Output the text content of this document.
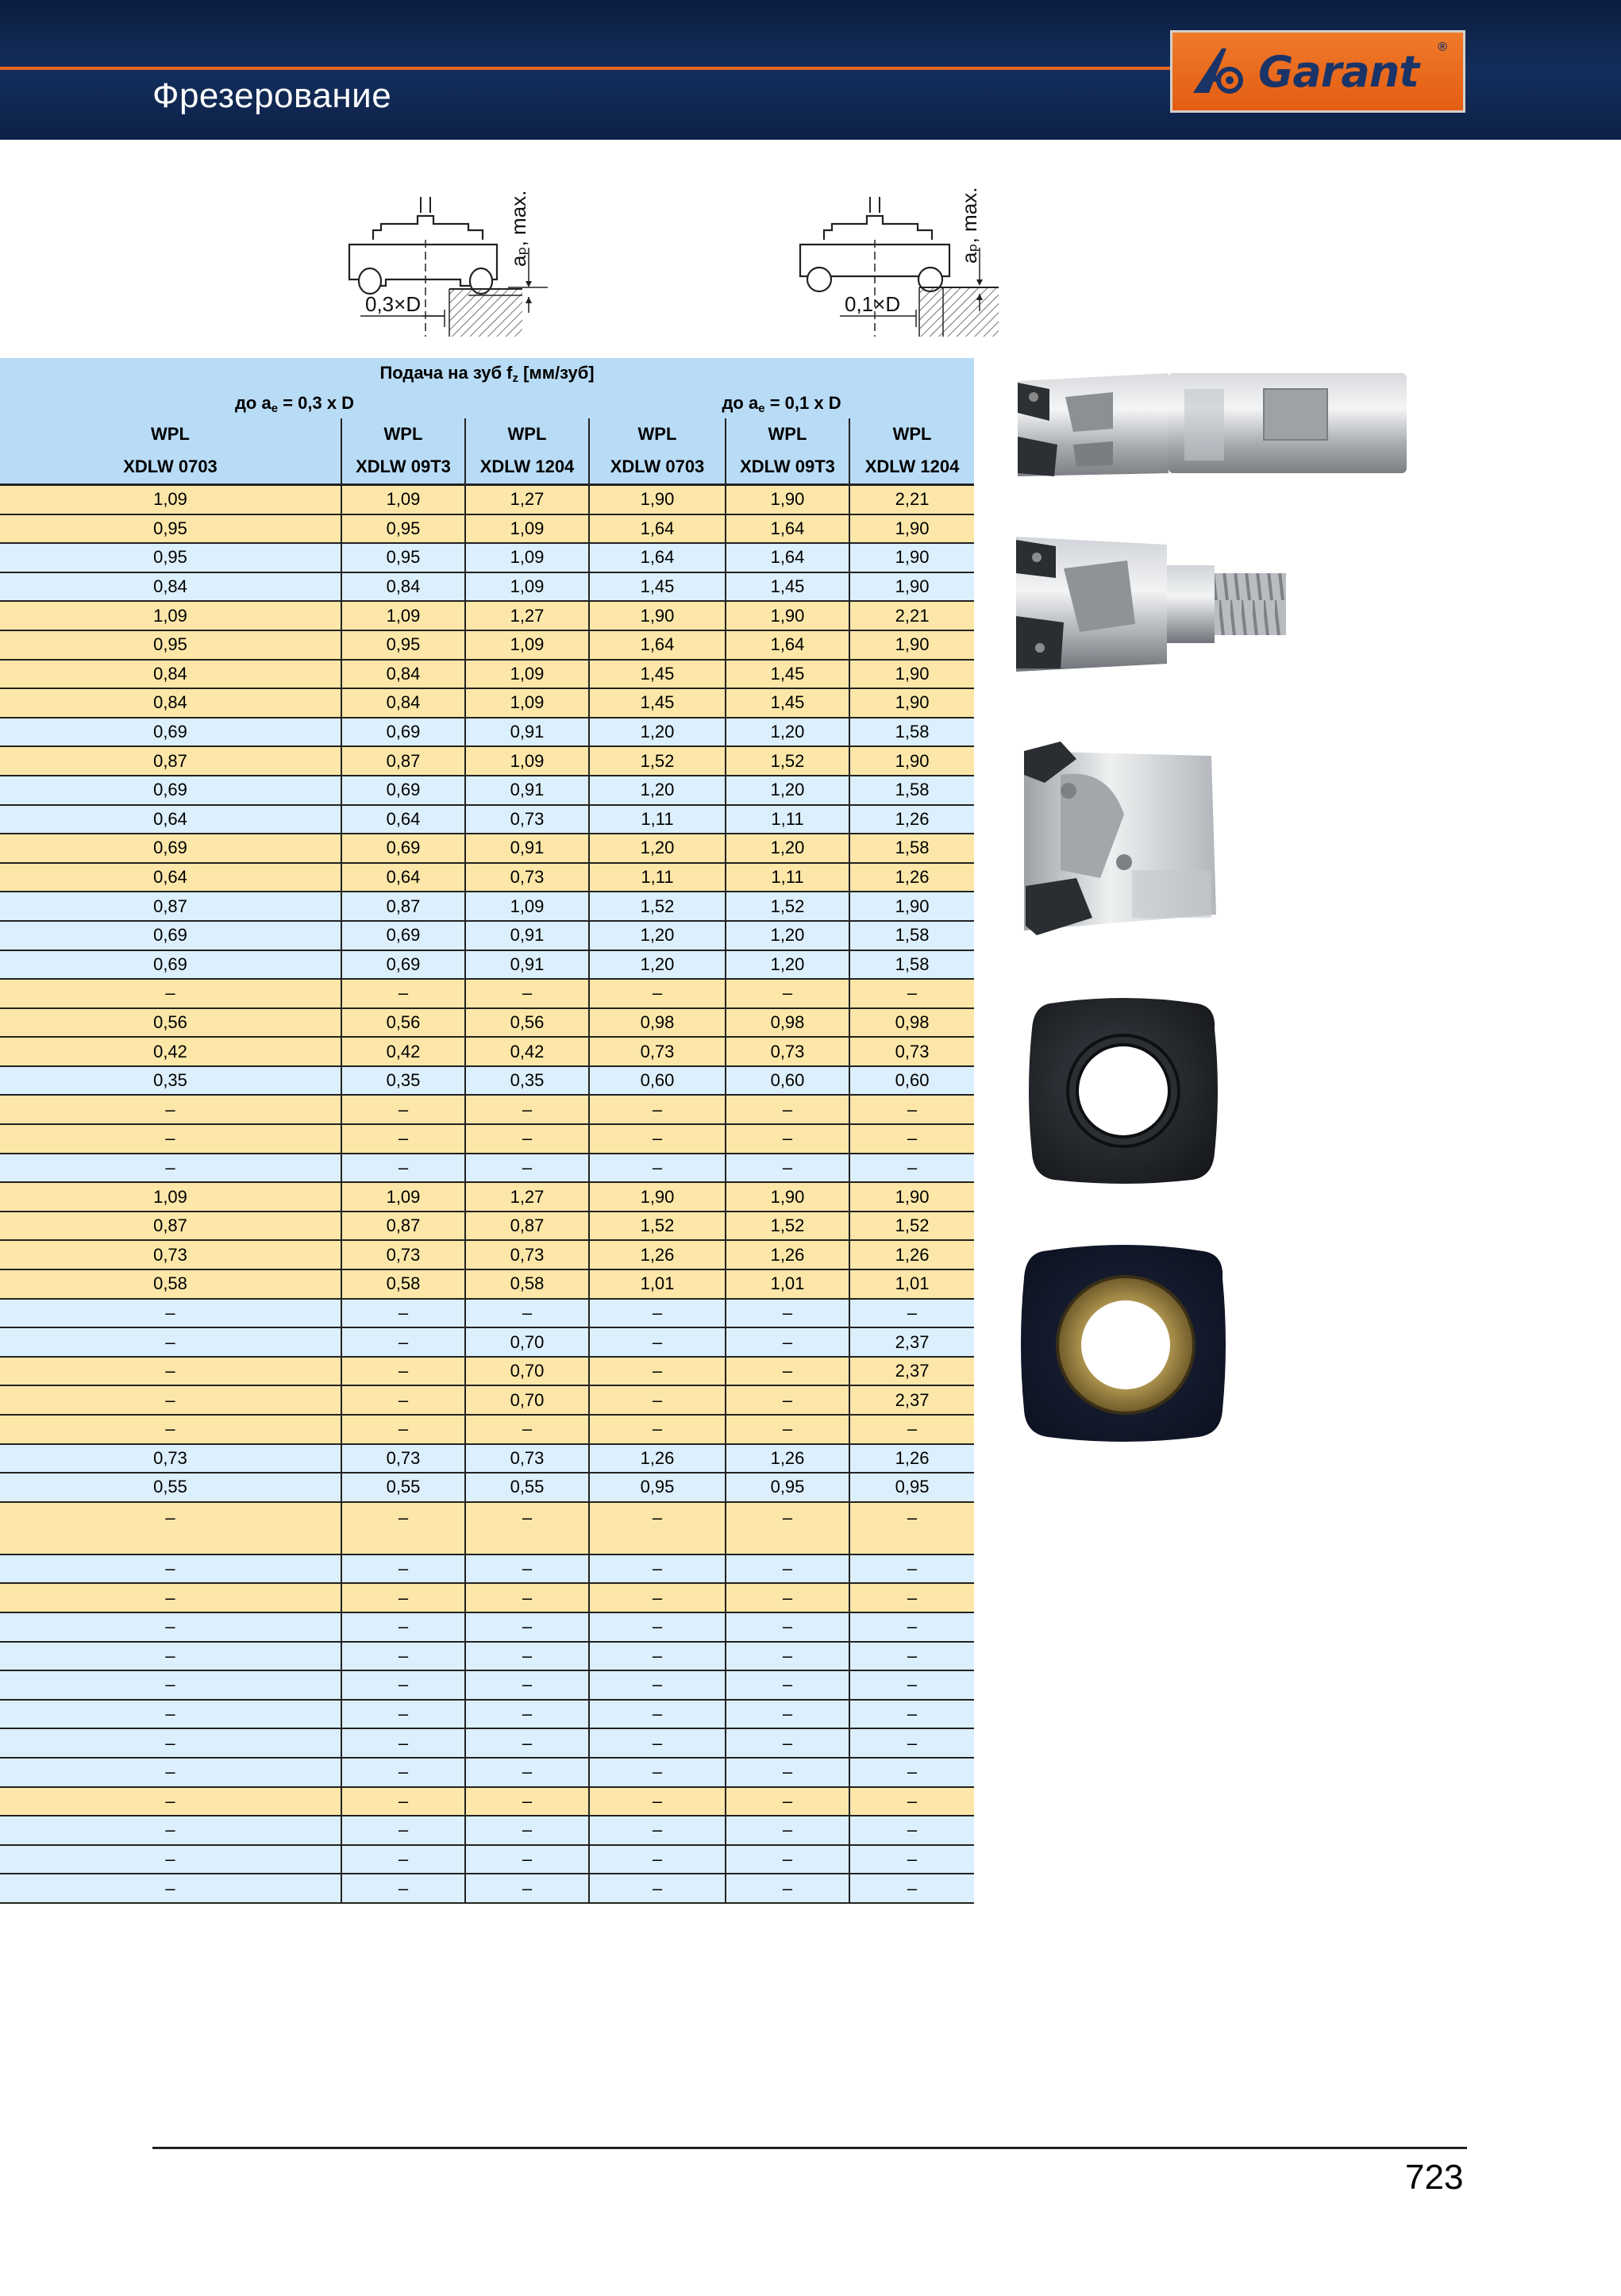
Фрезерование	Garant ®
0,3×D
aₚ, max.
0,1×D
aₚ, max.
Подача на зуб $f_z$ [мм/зуб]					
до $a_e = 0,3$ x D			до $a_e = 0,1$ x D		
WPL	WPL	WPL	WPL	WPL	WPL
XDLW 0703	XDLW 09T3	XDLW 1204	XDLW 0703	XDLW 09T3	XDLW 1204
1,09	1,09	1,27	1,90	1,90	2,21
0,95	0,95	1,09	1,64	1,64	1,90
0,95	0,95	1,09	1,64	1,64	1,90
0,84	0,84	1,09	1,45	1,45	1,90
1,09	1,09	1,27	1,90	1,90	2,21
0,95	0,95	1,09	1,64	1,64	1,90
0,84	0,84	1,09	1,45	1,45	1,90
0,84	0,84	1,09	1,45	1,45	1,90
0,69	0,69	0,91	1,20	1,20	1,58
0,87	0,87	1,09	1,52	1,52	1,90
0,69	0,69	0,91	1,20	1,20	1,58
0,64	0,64	0,73	1,11	1,11	1,26
0,69	0,69	0,91	1,20	1,20	1,58
0,64	0,64	0,73	1,11	1,11	1,26
0,87	0,87	1,09	1,52	1,52	1,90
0,69	0,69	0,91	1,20	1,20	1,58
0,69	0,69	0,91	1,20	1,20	1,58
–	–	–	–	–	–
0,56	0,56	0,56	0,98	0,98	0,98
0,42	0,42	0,42	0,73	0,73	0,73
0,35	0,35	0,35	0,60	0,60	0,60
–	–	–	–	–	–
–	–	–	–	–	–
–	–	–	–	–	–
1,09	1,09	1,27	1,90	1,90	1,90
0,87	0,87	0,87	1,52	1,52	1,52
0,73	0,73	0,73	1,26	1,26	1,26
0,58	0,58	0,58	1,01	1,01	1,01
–	–	–	–	–	–
–	–	0,70	–	–	2,37
–	–	0,70	–	–	2,37
–	–	0,70	–	–	2,37
–	–	–	–	–	–
0,73	0,73	0,73	1,26	1,26	1,26
0,55	0,55	0,55	0,95	0,95	0,95
–	–	–	–	–	–
–	–	–	–	–	–
–	–	–	–	–	–
–	–	–	–	–	–
–	–	–	–	–	–
–	–	–	–	–	–
–	–	–	–	–	–
–	–	–	–	–	–
–	–	–	–	–	–
–	–	–	–	–	–
–	–	–	–	–	–
–	–	–	–	–	–
–	–	–	–	–	–
723
